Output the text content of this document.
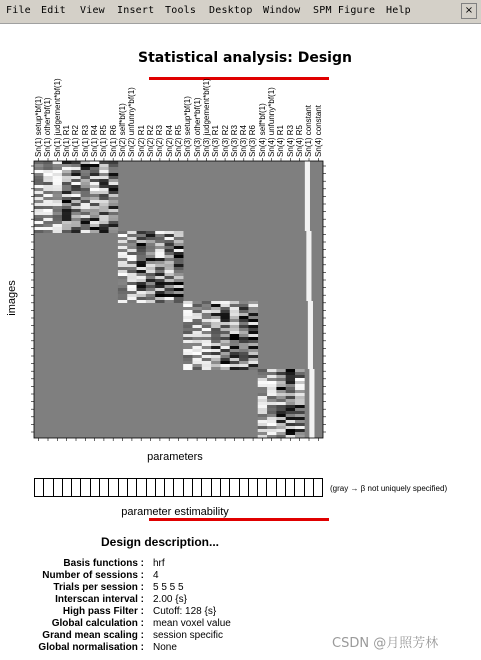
File Edit View Insert Tools Desktop Window SPM Figure Help	×
Statistical analysis: Design
Sn(1) setup*bf(1) Sn(1) other*bf(1) Sn(1) judgement*bf(1) Sn(1) R1 Sn(1) R2 Sn(1) R3 Sn(1) R4 Sn(1) R5 Sn(1) R6 Sn(2) self*bf(1) Sn(2) unfunny*bf(1) Sn(2) R1 Sn(2) R2 Sn(2) R3 Sn(2) R4 Sn(2) R5 Sn(3) setup*bf(1) Sn(3) other*bf(1) Sn(3) judgement*bf(1) Sn(3) R1 Sn(3) R2 Sn(3) R3 Sn(3) R4 Sn(3) R6 Sn(4) self*bf(1) Sn(4) unfunny*bf(1) Sn(4) R1 Sn(4) R3 Sn(4) R5 Sn(1) constant Sn(4) constant
images
parameters
(gray → β not uniquely specified)
parameter estimability
Design description...
Basis functions : hrf
Number of sessions : 4
Trials per session : 5 5 5 5
Interscan interval : 2.00 {s}
High pass Filter : Cutoff: 128 {s}
Global calculation : mean voxel value
Grand mean scaling : session specific
Global normalisation : None	CSDN @月照芳林
